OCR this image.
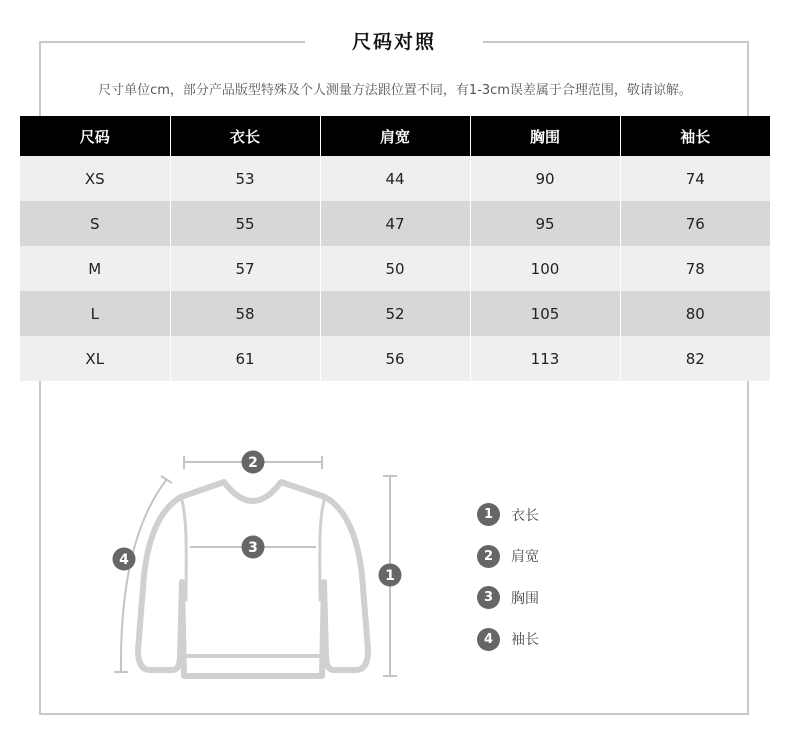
尺码对照
尺寸单位cm，部分产品版型特殊及个人测量方法跟位置不同，有1-3cm误差属于合理范围，敬请谅解。
尺码	衣长	肩宽	胸围	袖长
XS	53	44	90	74
S	55	47	95	76
M	57	50	100	78
L	58	52	105	80
XL	61	56	113	82
2
3
1
4
1	衣长
2	肩宽
3	胸围
4	袖长
